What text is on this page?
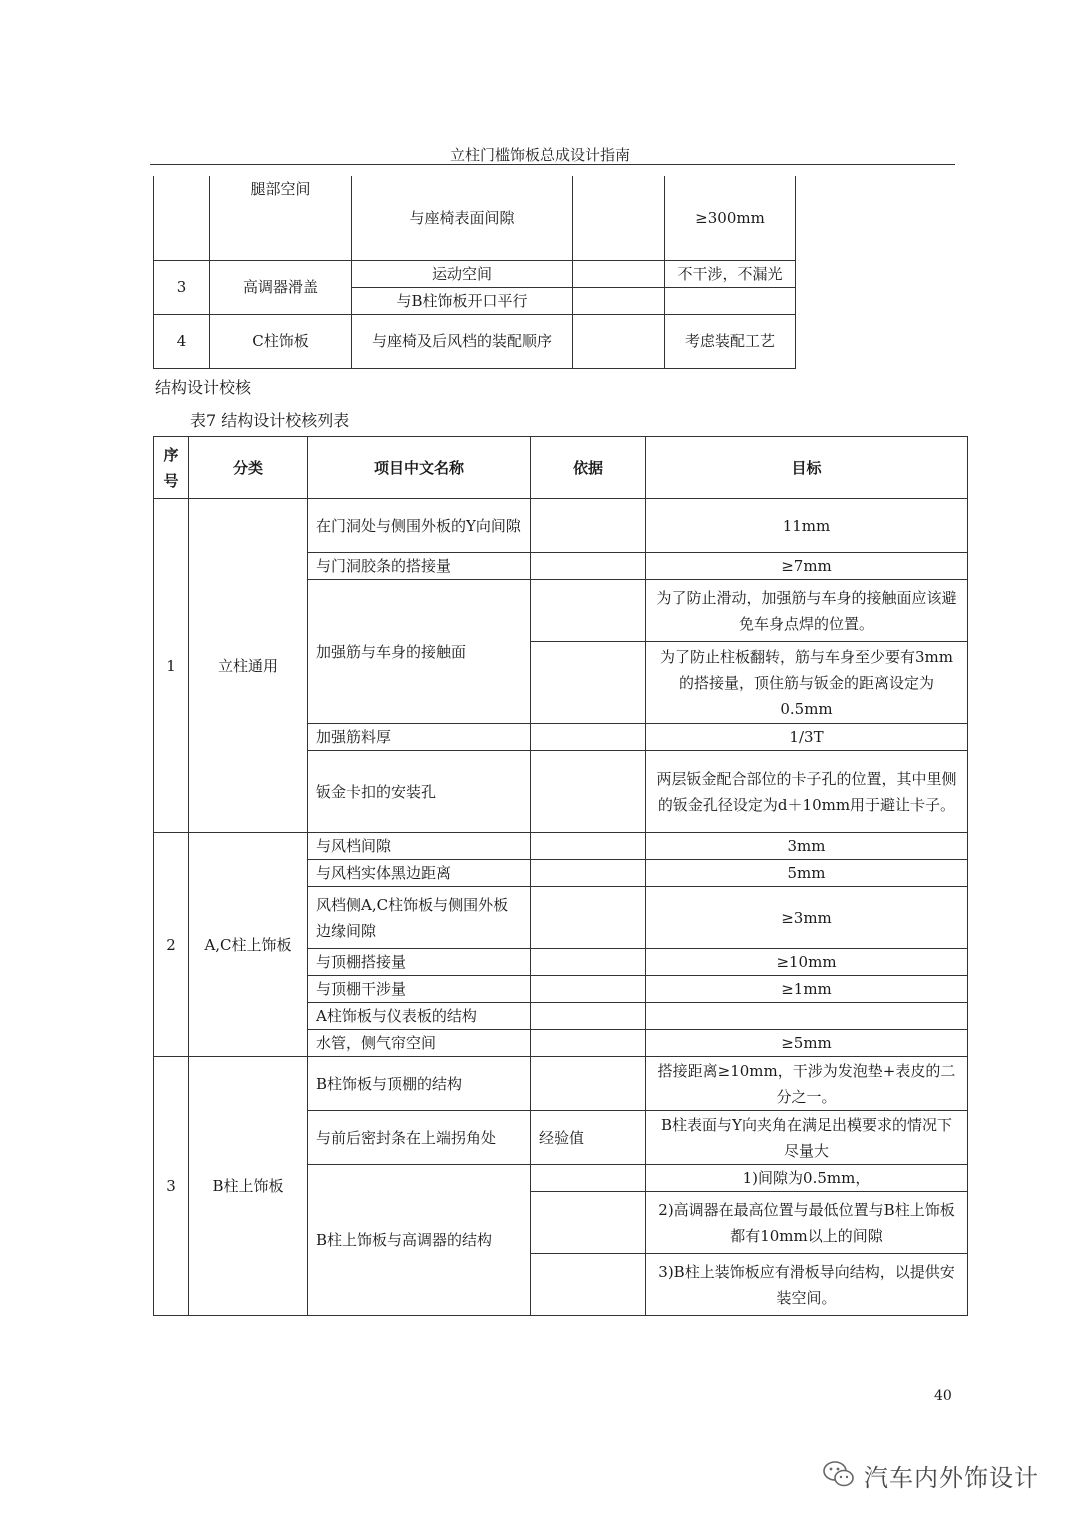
立柱门槛饰板总成设计指南
	腿部空间	与座椅表面间隙		≥300mm
3	高调器滑盖	运动空间		不干涉，不漏光
		与B柱饰板开口平行		
4	C柱饰板	与座椅及后风档的装配顺序		考虑装配工艺
结构设计校核
表7 结构设计校核列表
序号	分类	项目中文名称	依据	目标
1	立柱通用	在门洞处与侧围外板的Y向间隙		11mm
		与门洞胶条的搭接量		≥7mm
		加强筋与车身的接触面		为了防止滑动，加强筋与车身的接触面应该避免车身点焊的位置。
				为了防止柱板翻转，筋与车身至少要有3mm的搭接量，顶住筋与钣金的距离设定为0.5mm
		加强筋料厚		1/3T
		钣金卡扣的安装孔		两层钣金配合部位的卡子孔的位置，其中里侧的钣金孔径设定为d＋10mm用于避让卡子。
2	A,C柱上饰板	与风档间隙		3mm
		与风档实体黑边距离		5mm
		风档侧A,C柱饰板与侧围外板边缘间隙		≥3mm
		与顶棚搭接量		≥10mm
		与顶棚干涉量		≥1mm
		A柱饰板与仪表板的结构		
		水管，侧气帘空间		≥5mm
3	B柱上饰板	B柱饰板与顶棚的结构		搭接距离≥10mm，干涉为发泡垫+表皮的二分之一。
		与前后密封条在上端拐角处	经验值	B柱表面与Y向夹角在满足出模要求的情况下尽量大
		B柱上饰板与高调器的结构		1)间隙为0.5mm，
				2)高调器在最高位置与最低位置与B柱上饰板都有10mm以上的间隙
				3)B柱上装饰板应有滑板导向结构，以提供安装空间。
40
汽车内外饰设计
